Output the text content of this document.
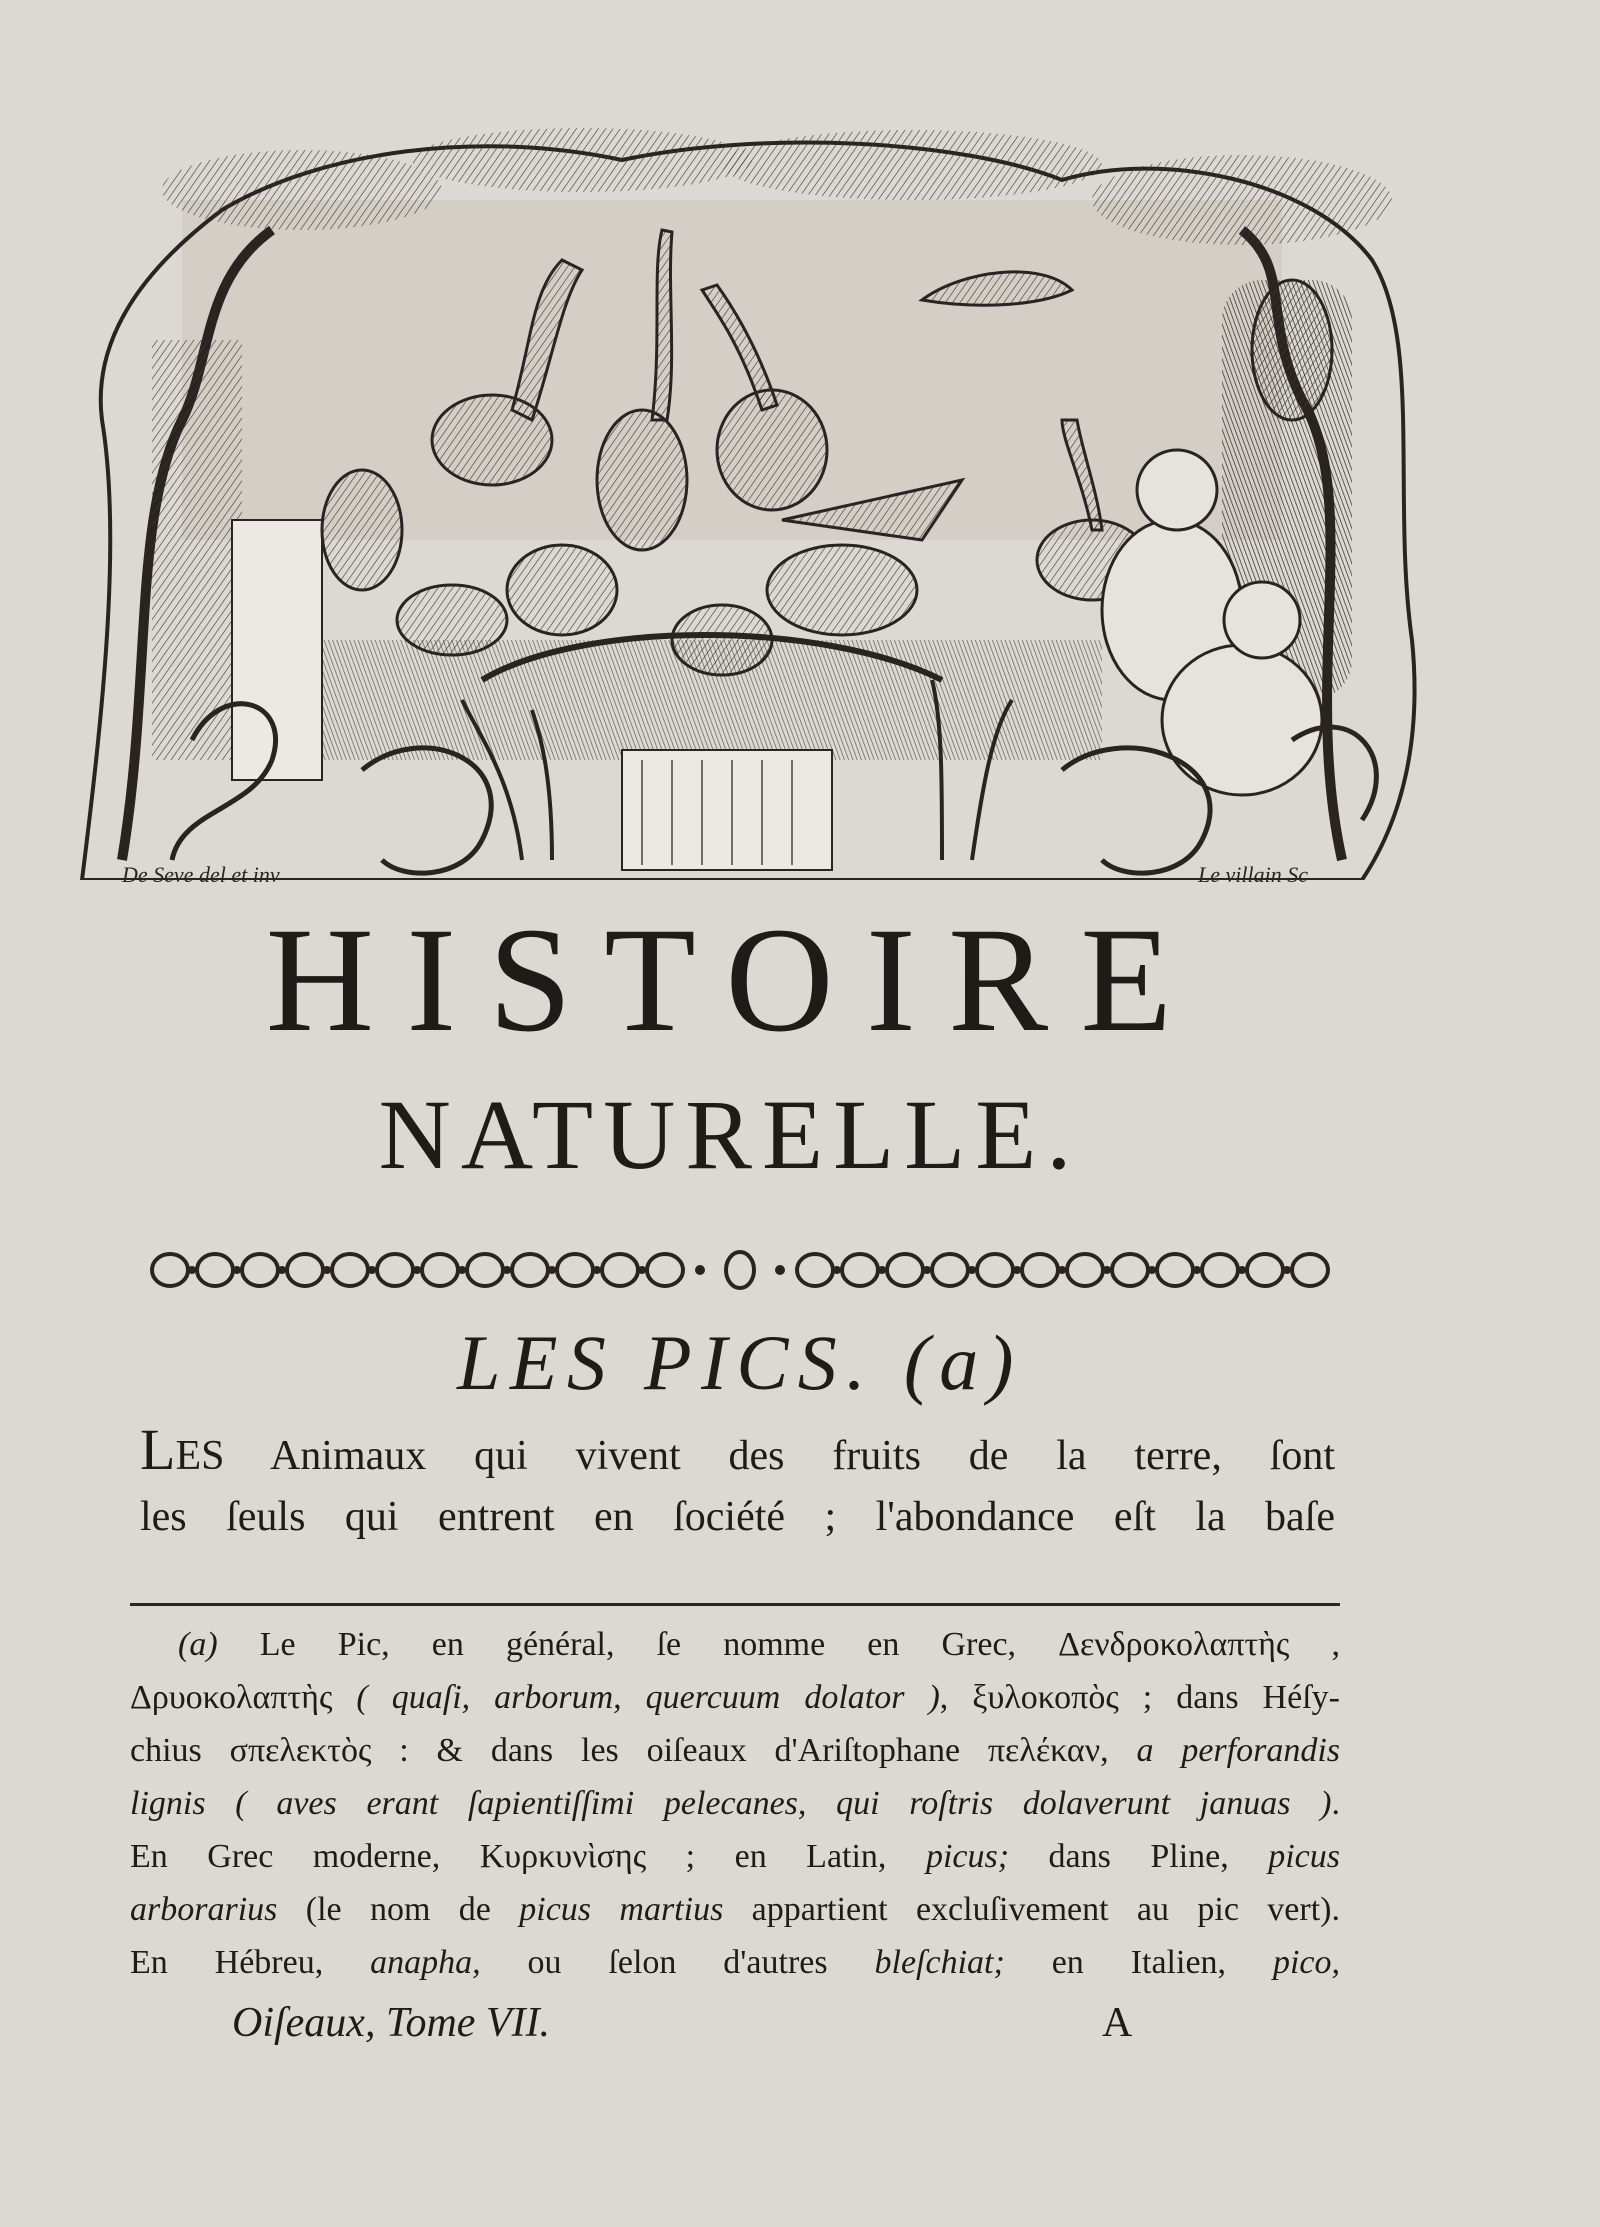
De Seve del et inv	Le villain Sc
HISTOIRE
NATURELLE.
LES PICS. (a)
LES Animaux qui vivent des fruits de la terre, ſont
les ſeuls qui entrent en ſociété ; l'abondance eſt la baſe
(a) Le Pic, en général, ſe nomme en Grec, Δενδροκολαπτὴς ,
Δρυοκολαπτὴς ( quaſi, arborum, quercuum dolator ), ξυλοκοπὸς ; dans Héſy-
chius σπελεκτὸς : & dans les oiſeaux d'Ariſtophane πελέκαν, a perforandis
lignis ( aves erant ſapientiſſimi pelecanes, qui roſtris dolaverunt januas ).
En Grec moderne, Κυρκυνὶσης ; en Latin, picus; dans Pline, picus
arborarius (le nom de picus martius appartient excluſivement au pic vert).
En Hébreu, anapha, ou ſelon d'autres bleſchiat; en Italien, pico,
Oiſeaux, Tome VII.	A
